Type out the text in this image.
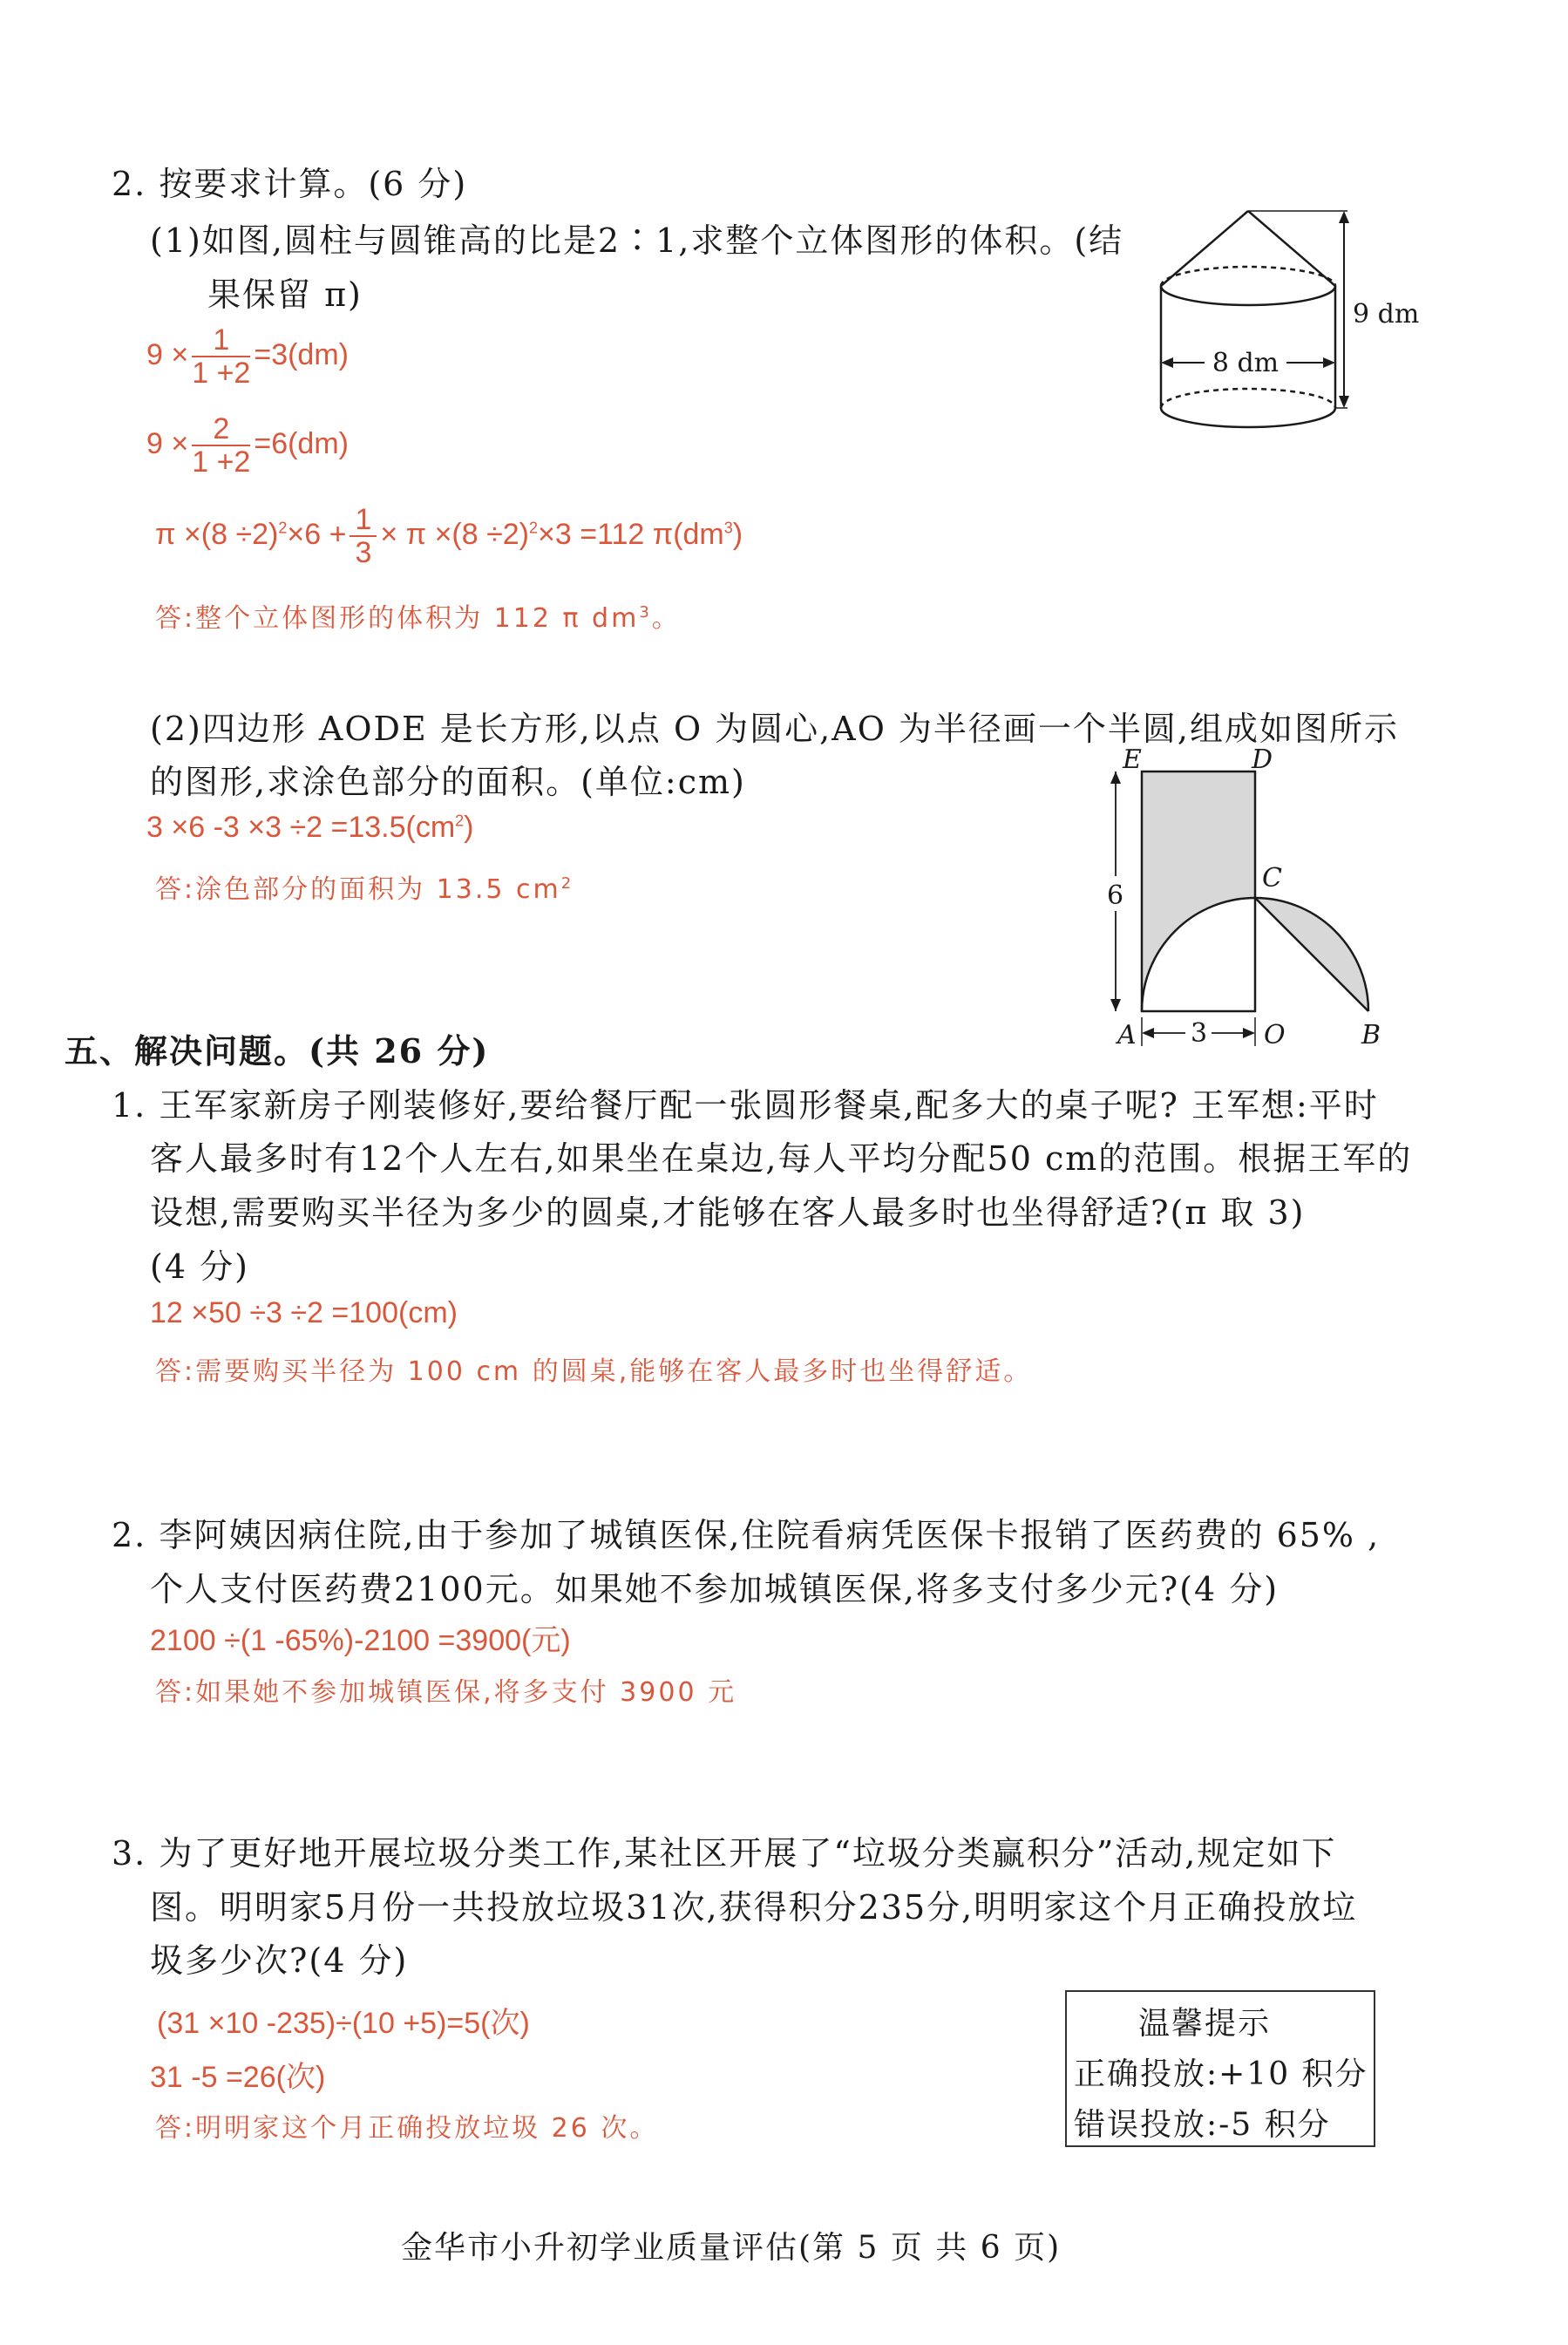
2. 按要求计算。(6 分)
(1)如图,圆柱与圆锥高的比是2∶1,求整个立体图形的体积。(结
果保留 π)
$9 \times \frac{1}{1 +2} =3(dm)$
$9 \times \frac{2}{1 +2} =6(dm)$
$\pi \times(8 \div 2)^2\times 6 + \frac{1}{3} \times \pi \times(8 \div 2)^2\times 3 =112$ $\pi(dm^3)$
答:整个立体图形的体积为 112 π $dm^3$。
8 dm
9 dm
(2)四边形 AODE 是长方形,以点 O 为圆心,AO 为半径画一个半圆,组成如图所示
的图形,求涂色部分的面积。(单位:cm)
3 ×6 $-3 \times 3 \div 2 =13.5(cm^2)$
答:涂色部分的面积为 13.5 $cm^2$
E	D
C
A	O	B
6
3
五、解决问题。(共 26 分)
1. 王军家新房子刚装修好,要给餐厅配一张圆形餐桌,配多大的桌子呢? 王军想:平时
客人最多时有12个人左右,如果坐在桌边,每人平均分配50 cm的范围。根据王军的
设想,需要购买半径为多少的圆桌,才能够在客人最多时也坐得舒适?(π 取 3)
(4 分)
12 ×50 ÷3 ÷2 =100(cm)
答:需要购买半径为 100 cm 的圆桌,能够在客人最多时也坐得舒适。
2. 李阿姨因病住院,由于参加了城镇医保,住院看病凭医保卡报销了医药费的 65% ,
个人支付医药费2100元。如果她不参加城镇医保,将多支付多少元?(4 分)
2100 ÷(1 -65%)-2100 =3900(元)
答:如果她不参加城镇医保,将多支付 3900 元
3. 为了更好地开展垃圾分类工作,某社区开展了“垃圾分类赢积分”活动,规定如下
图。明明家5月份一共投放垃圾31次,获得积分235分,明明家这个月正确投放垃
圾多少次?(4 分)
(31 ×10 -235)÷(10 +5)=5(次)
31 -5 =26(次)
答:明明家这个月正确投放垃圾 26 次。
温馨提示
正确投放:+10 积分
错误投放:-5 积分
金华市小升初学业质量评估(第 5 页 共 6 页)
